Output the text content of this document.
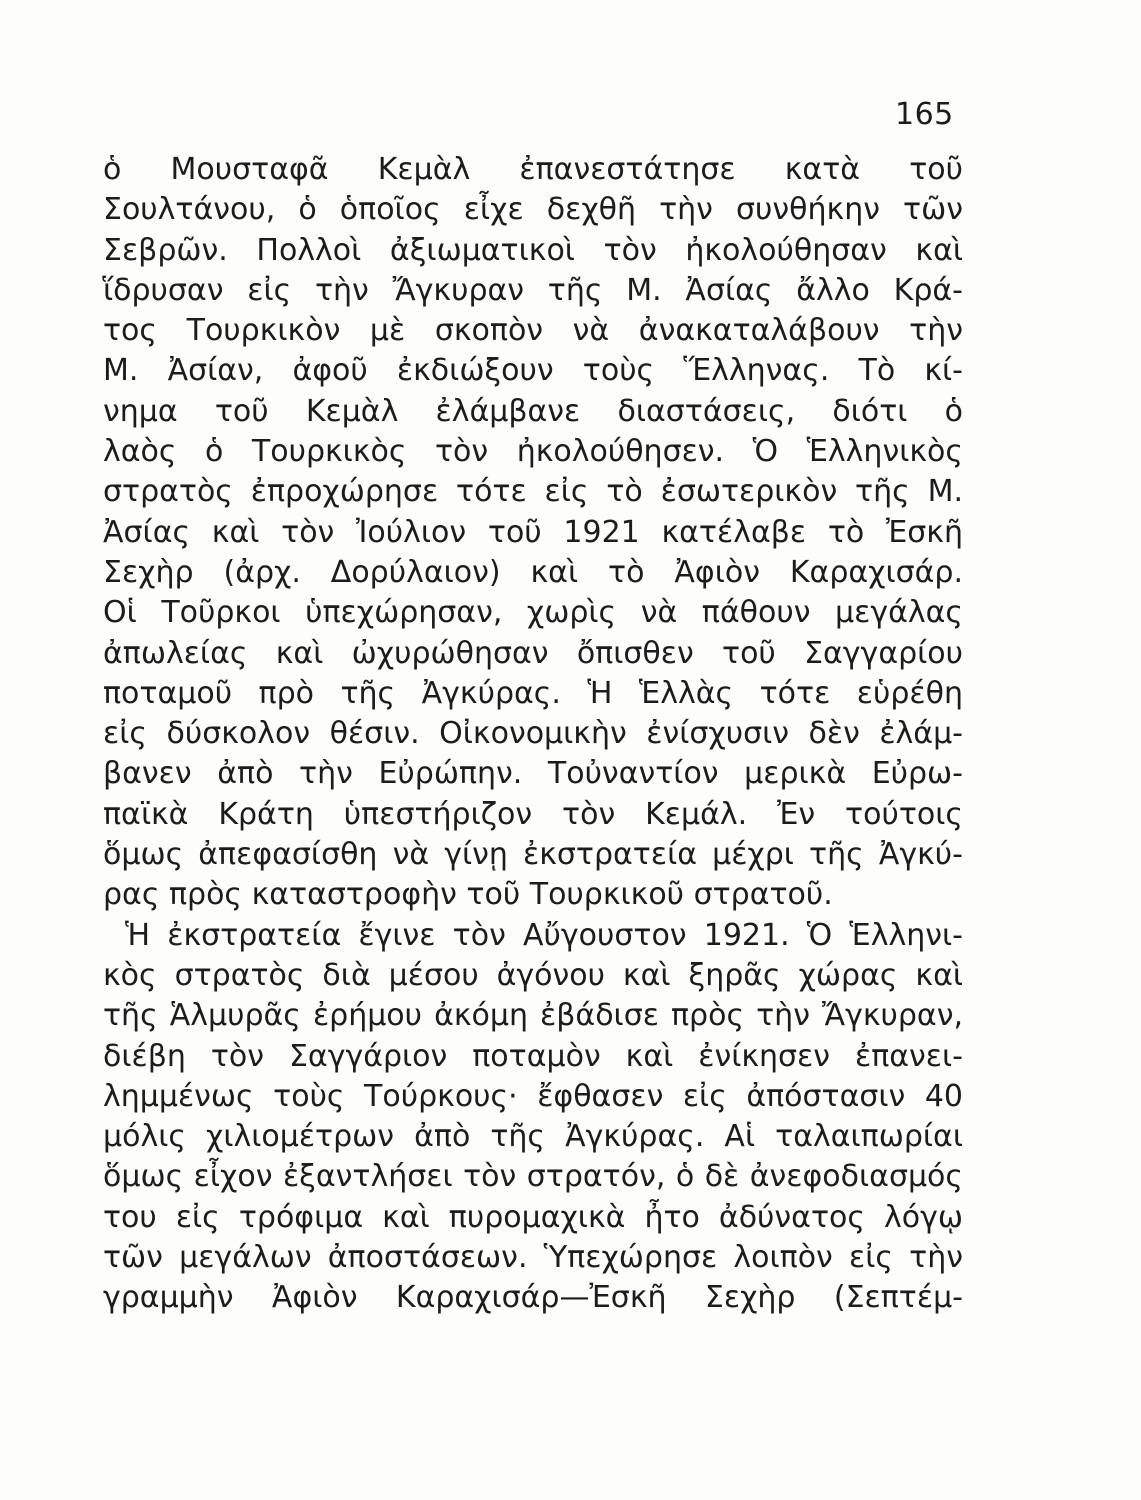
165
ὁ Μουσταφᾶ Κεμὰλ ἐπανεστάτησε κατὰ τοῦ
Σουλτάνου, ὁ ὁποῖος εἶχε δεχθῆ τὴν συνθήκην τῶν
Σεβρῶν. Πολλοὶ ἀξιωματικοὶ τὸν ἠκολούθησαν καὶ
ἵδρυσαν εἰς τὴν Ἄγκυραν τῆς Μ. Ἀσίας ἄλλο Κρά-
τος Τουρκικὸν μὲ σκοπὸν νὰ ἀνακαταλάβουν τὴν
Μ. Ἀσίαν, ἀφοῦ ἐκδιώξουν τοὺς Ἕλληνας. Τὸ κί-
νημα τοῦ Κεμὰλ ἐλάμβανε διαστάσεις, διότι ὁ
λαὸς ὁ Τουρκικὸς τὸν ἠκολούθησεν. Ὁ Ἑλληνικὸς
στρατὸς ἐπροχώρησε τότε εἰς τὸ ἐσωτερικὸν τῆς Μ.
Ἀσίας καὶ τὸν Ἰούλιον τοῦ 1921 κατέλαβε τὸ Ἐσκῆ
Σεχὴρ (ἀρχ. Δορύλαιον) καὶ τὸ Ἀφιὸν Καραχισάρ.
Οἱ Τοῦρκοι ὑπεχώρησαν, χωρὶς νὰ πάθουν μεγάλας
ἀπωλείας καὶ ὠχυρώθησαν ὄπισθεν τοῦ Σαγγαρίου
ποταμοῦ πρὸ τῆς Ἀγκύρας. Ἡ Ἑλλὰς τότε εὑρέθη
εἰς δύσκολον θέσιν. Οἰκονομικὴν ἐνίσχυσιν δὲν ἐλάμ-
βανεν ἀπὸ τὴν Εὐρώπην. Τοὐναντίον μερικὰ Εὐρω-
παϊκὰ Κράτη ὑπεστήριζον τὸν Κεμάλ. Ἐν τούτοις
ὅμως ἀπεφασίσθη νὰ γίνῃ ἐκστρατεία μέχρι τῆς Ἀγκύ-
ρας πρὸς καταστροφὴν τοῦ Τουρκικοῦ στρατοῦ.
Ἡ ἐκστρατεία ἔγινε τὸν Αὔγουστον 1921. Ὁ Ἑλληνι-
κὸς στρατὸς διὰ μέσου ἀγόνου καὶ ξηρᾶς χώρας καὶ
τῆς Ἁλμυρᾶς ἐρήμου ἀκόμη ἐβάδισε πρὸς τὴν Ἄγκυραν,
διέβη τὸν Σαγγάριον ποταμὸν καὶ ἐνίκησεν ἐπανει-
λημμένως τοὺς Τούρκους· ἔφθασεν εἰς ἀπόστασιν 40
μόλις χιλιομέτρων ἀπὸ τῆς Ἀγκύρας. Αἱ ταλαιπωρίαι
ὅμως εἶχον ἐξαντλήσει τὸν στρατόν, ὁ δὲ ἀνεφοδιασμός
του εἰς τρόφιμα καὶ πυρομαχικὰ ἦτο ἀδύνατος λόγῳ
τῶν μεγάλων ἀποστάσεων. Ὑπεχώρησε λοιπὸν εἰς τὴν
γραμμὴν Ἀφιὸν Καραχισάρ—Ἐσκῆ Σεχὴρ (Σεπτέμ-
